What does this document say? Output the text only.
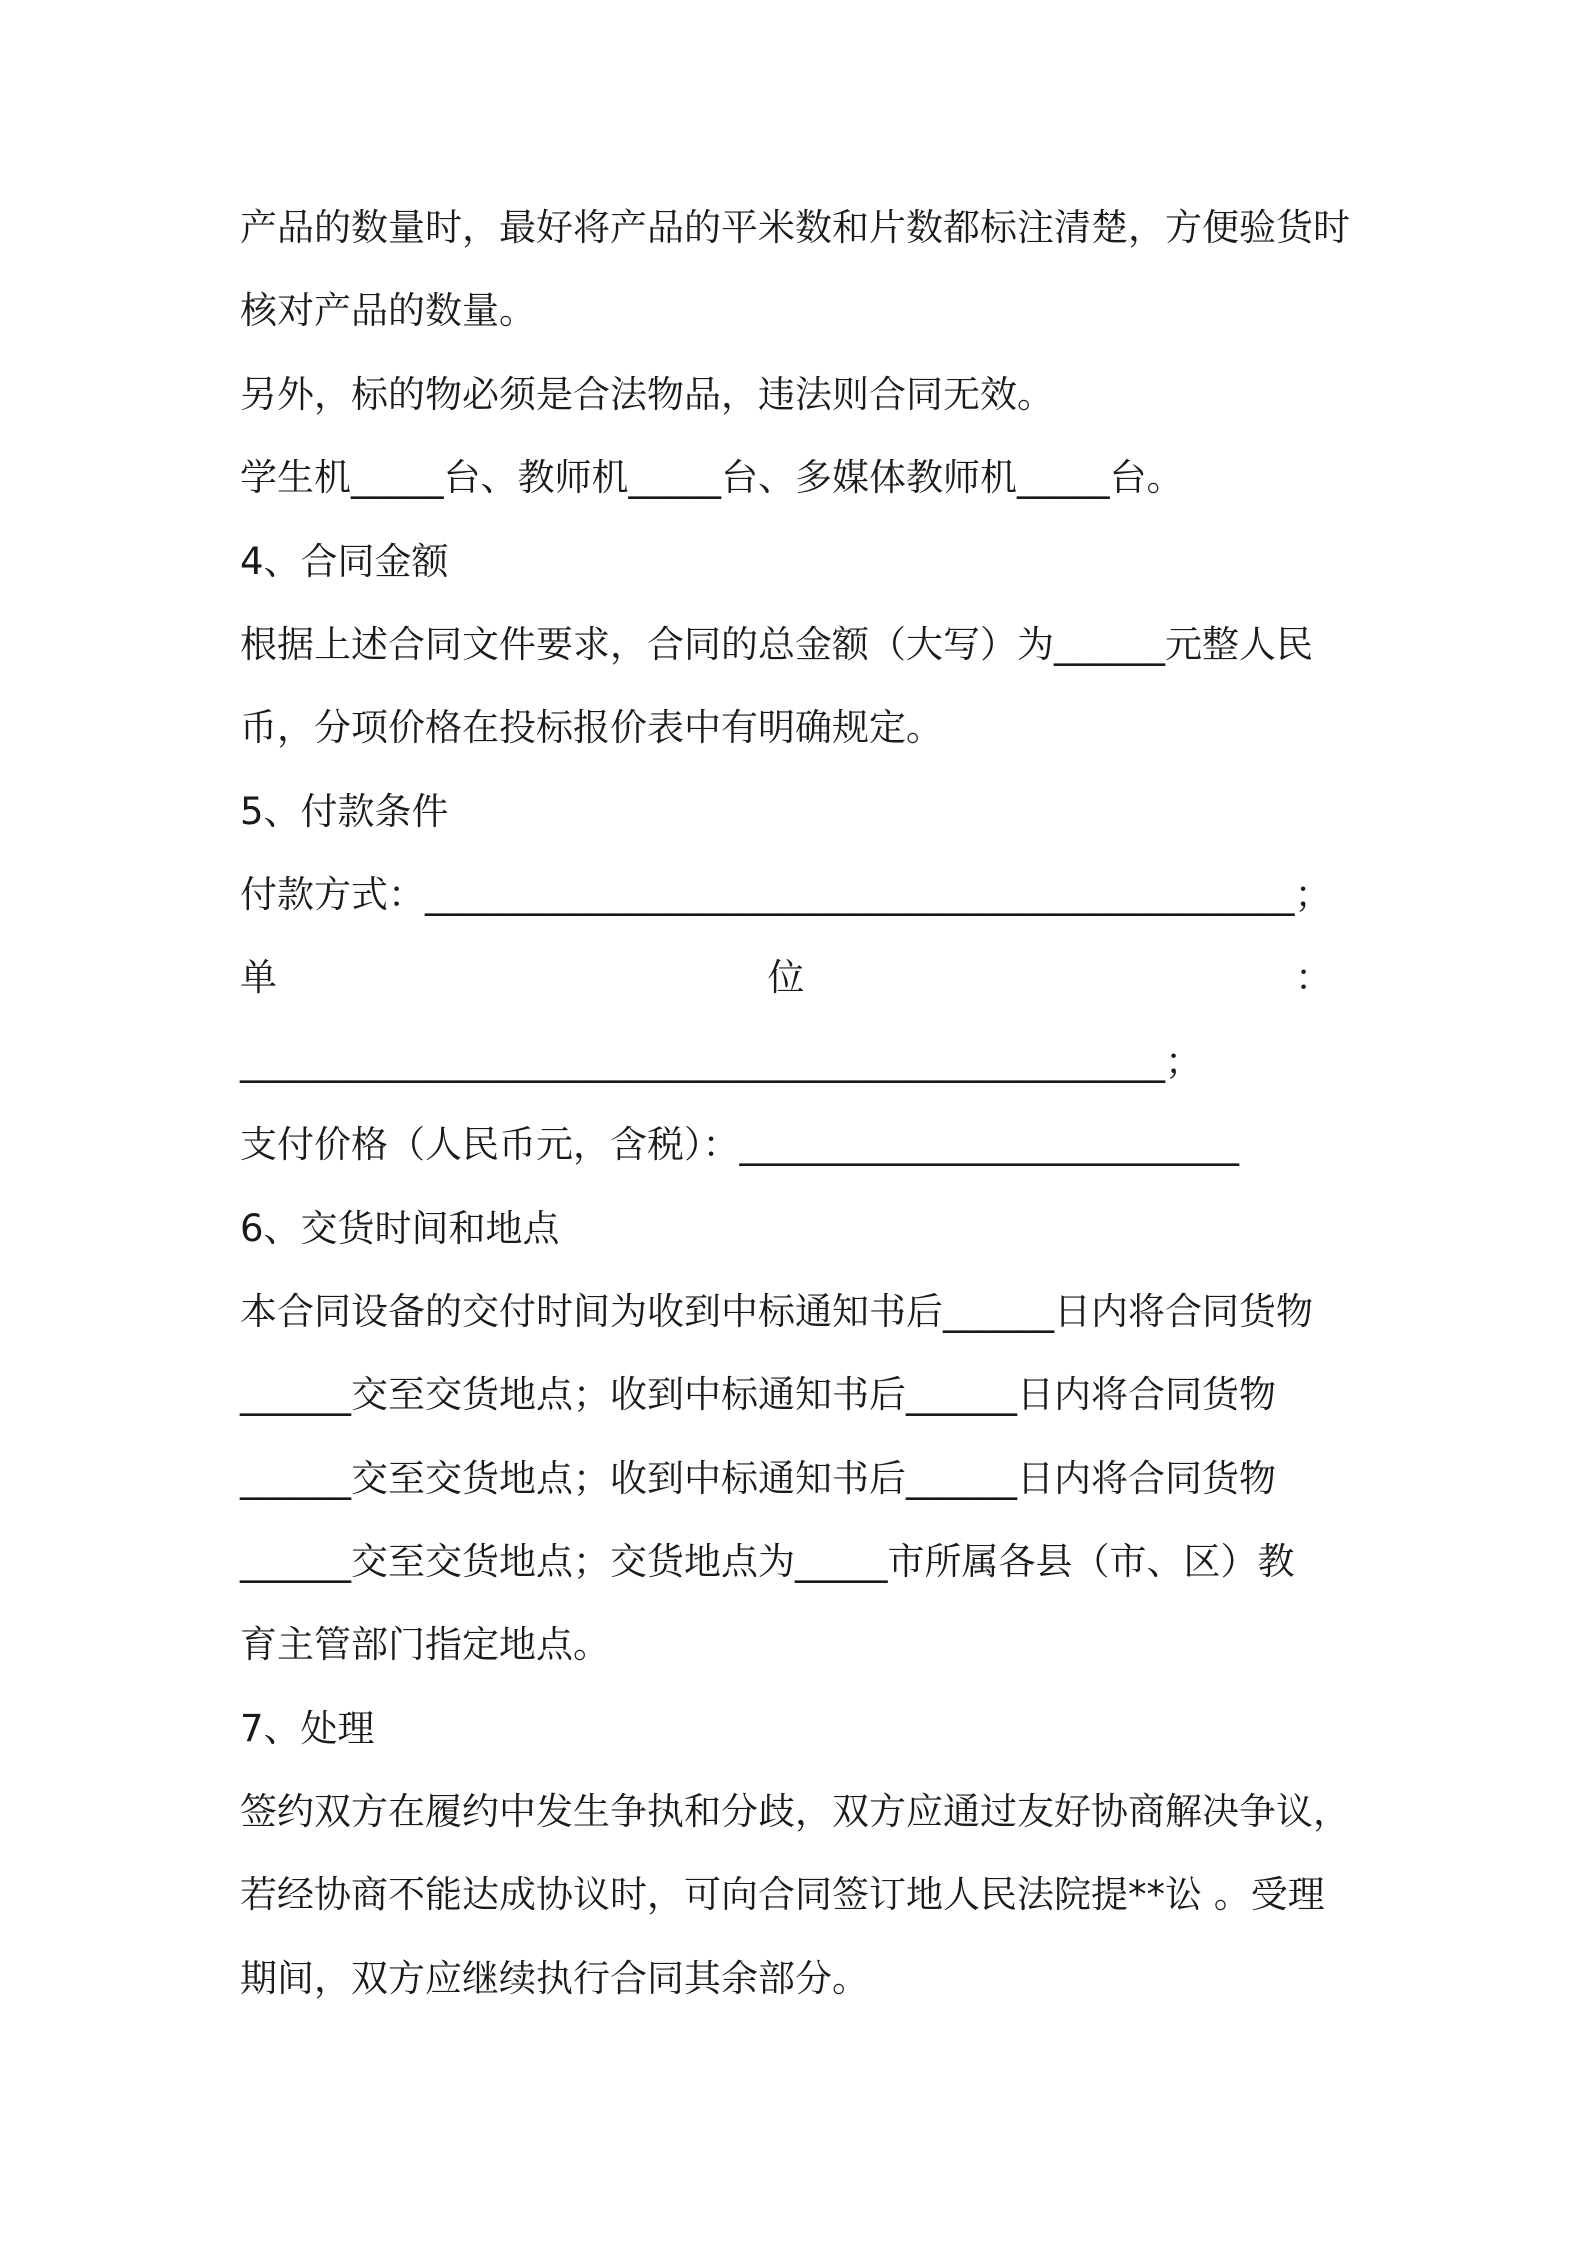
产品的数量时，最好将产品的平米数和片数都标注清楚，方便验货时
核对产品的数量。
另外，标的物必须是合法物品，违法则合同无效。
学生机_____台、教师机_____台、多媒体教师机_____台。
4、合同金额
根据上述合同文件要求，合同的总金额（大写）为______元整人民
币，分项价格在投标报价表中有明确规定。
5、付款条件
付款方式：_______________________________________________；
单	位	：
__________________________________________________；
支付价格（人民币元，含税）：___________________________
6、交货时间和地点
本合同设备的交付时间为收到中标通知书后______日内将合同货物
______交至交货地点；收到中标通知书后______日内将合同货物
______交至交货地点；收到中标通知书后______日内将合同货物
______交至交货地点；交货地点为_____市所属各县（市、区）教
育主管部门指定地点。
7、处理
签约双方在履约中发生争执和分歧，双方应通过友好协商解决争议，
若经协商不能达成协议时，可向合同签订地人民法院提**讼 。受理
期间，双方应继续执行合同其余部分。
